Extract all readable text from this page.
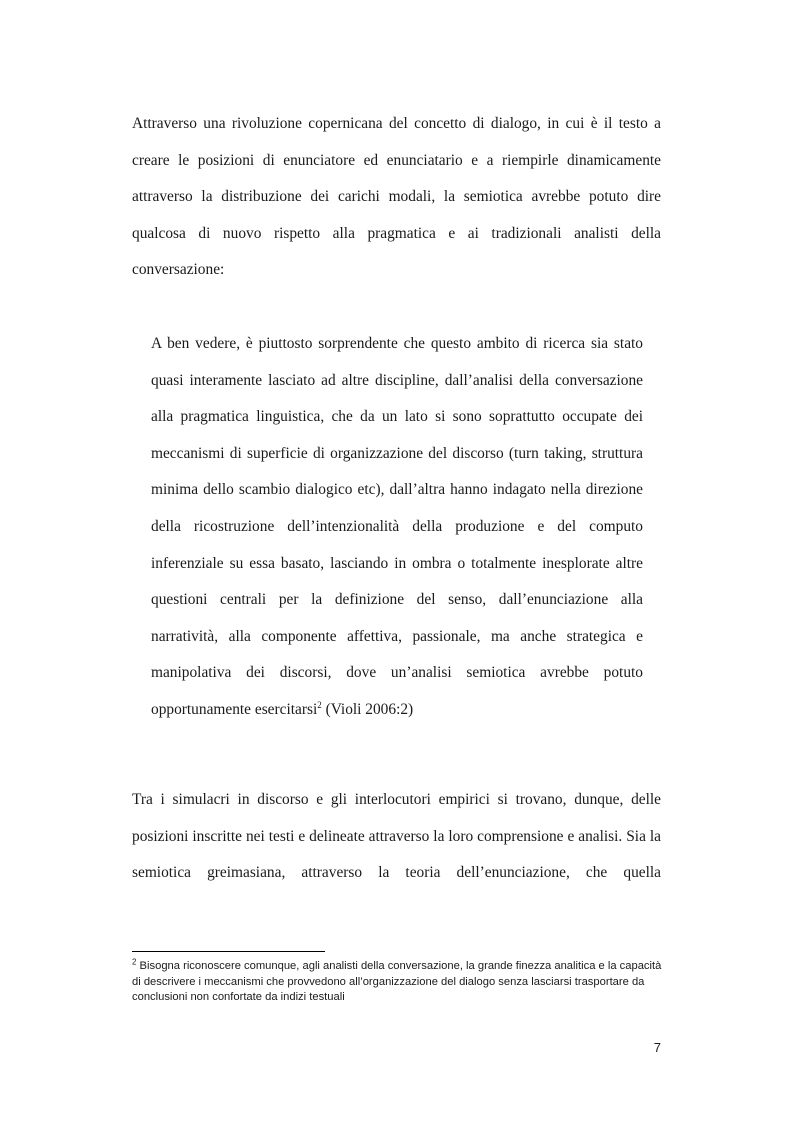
Attraverso una rivoluzione copernicana del concetto di dialogo, in cui è il testo a creare le posizioni di enunciatore ed enunciatario e a riempirle dinamicamente attraverso la distribuzione dei carichi modali, la semiotica avrebbe potuto dire qualcosa di nuovo rispetto alla pragmatica e ai tradizionali analisti della conversazione:

A ben vedere, è piuttosto sorprendente che questo ambito di ricerca sia stato quasi interamente lasciato ad altre discipline, dall’analisi della conversazione alla pragmatica linguistica, che da un lato si sono soprattutto occupate dei meccanismi di superficie di organizzazione del discorso (turn taking, struttura minima dello scambio dialogico etc), dall’altra hanno indagato nella direzione della ricostruzione dell’intenzionalità della produzione e del computo inferenziale su essa basato, lasciando in ombra o totalmente inesplorate altre questioni centrali per la definizione del senso, dall’enunciazione alla narratività, alla componente affettiva, passionale, ma anche strategica e manipolativa dei discorsi, dove un’analisi semiotica avrebbe potuto opportunamente esercitarsi$^2$ (Violi 2006:2)

Tra i simulacri in discorso e gli interlocutori empirici si trovano, dunque, delle posizioni inscritte nei testi e delineate attraverso la loro comprensione e analisi. Sia la semiotica greimasiana, attraverso la teoria dell’enunciazione, che quella

$^2$ Bisogna riconoscere comunque, agli analisti della conversazione, la grande finezza analitica e la capacità di descrivere i meccanismi che provvedono all’organizzazione del dialogo senza lasciarsi trasportare da conclusioni non confortate da indizi testuali

7
